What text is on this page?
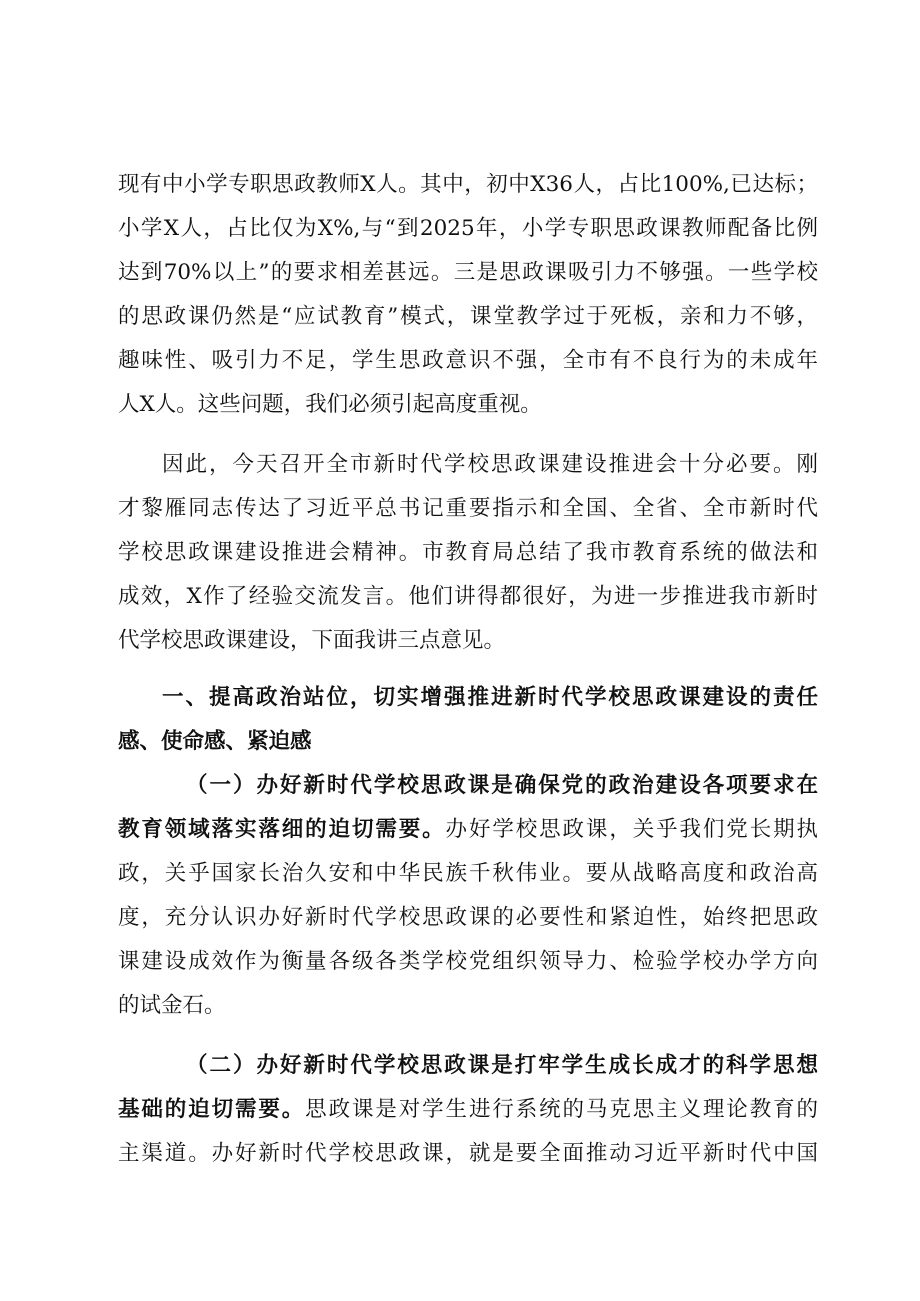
现有中小学专职思政教师X人。其中，初中X36人，占比100%,已达标；
小学X人，占比仅为X%,与“到2025年，小学专职思政课教师配备比例
达到70%以上”的要求相差甚远。三是思政课吸引力不够强。一些学校
的思政课仍然是“应试教育”模式，课堂教学过于死板，亲和力不够，
趣味性、吸引力不足，学生思政意识不强，全市有不良行为的未成年
人X人。这些问题，我们必须引起高度重视。
因此，今天召开全市新时代学校思政课建设推进会十分必要。刚
才黎雁同志传达了习近平总书记重要指示和全国、全省、全市新时代
学校思政课建设推进会精神。市教育局总结了我市教育系统的做法和
成效，X作了经验交流发言。他们讲得都很好，为进一步推进我市新时
代学校思政课建设，下面我讲三点意见。
一、提高政治站位，切实增强推进新时代学校思政课建设的责任
感、使命感、紧迫感
（一）办好新时代学校思政课是确保党的政治建设各项要求在
教育领域落实落细的迫切需要。办好学校思政课，关乎我们党长期执
政，关乎国家长治久安和中华民族千秋伟业。要从战略高度和政治高
度，充分认识办好新时代学校思政课的必要性和紧迫性，始终把思政
课建设成效作为衡量各级各类学校党组织领导力、检验学校办学方向
的试金石。
（二）办好新时代学校思政课是打牢学生成长成才的科学思想
基础的迫切需要。思政课是对学生进行系统的马克思主义理论教育的
主渠道。办好新时代学校思政课，就是要全面推动习近平新时代中国
